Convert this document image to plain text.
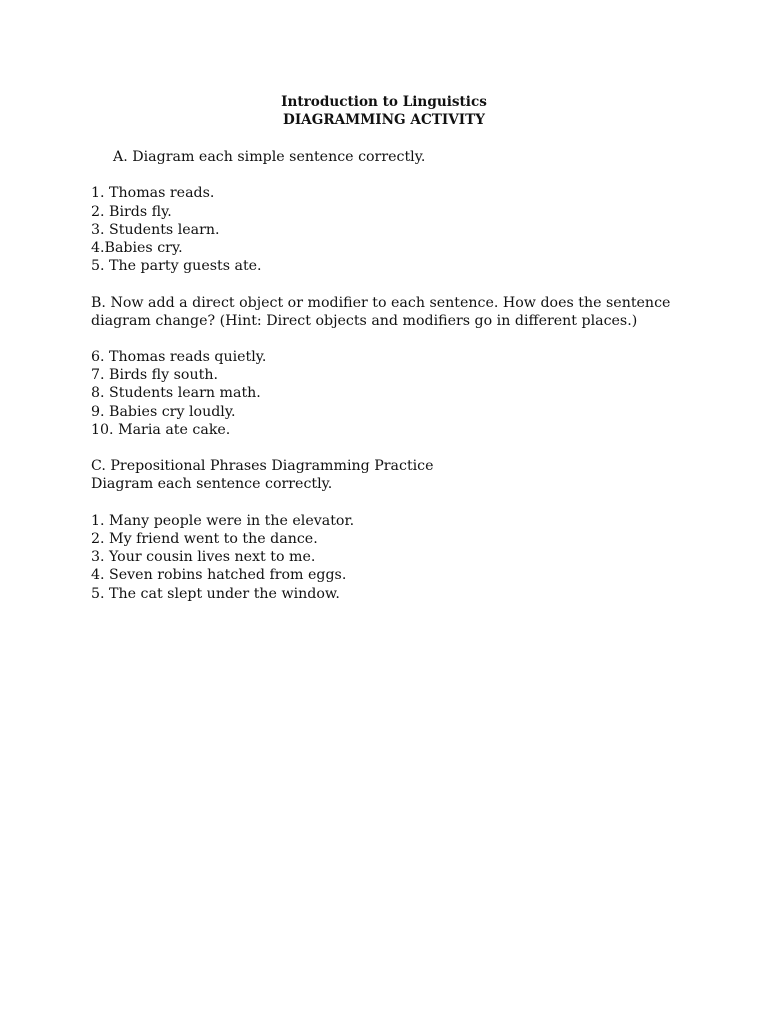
Introduction to Linguistics
DIAGRAMMING ACTIVITY
A. Diagram each simple sentence correctly.
1. Thomas reads.
2. Birds fly.
3. Students learn.
4.Babies cry.
5. The party guests ate.
B. Now add a direct object or modifier to each sentence. How does the sentence
diagram change? (Hint: Direct objects and modifiers go in different places.)
6. Thomas reads quietly.
7. Birds fly south.
8. Students learn math.
9. Babies cry loudly.
10. Maria ate cake.
C. Prepositional Phrases Diagramming Practice
Diagram each sentence correctly.
1. Many people were in the elevator.
2. My friend went to the dance.
3. Your cousin lives next to me.
4. Seven robins hatched from eggs.
5. The cat slept under the window.
